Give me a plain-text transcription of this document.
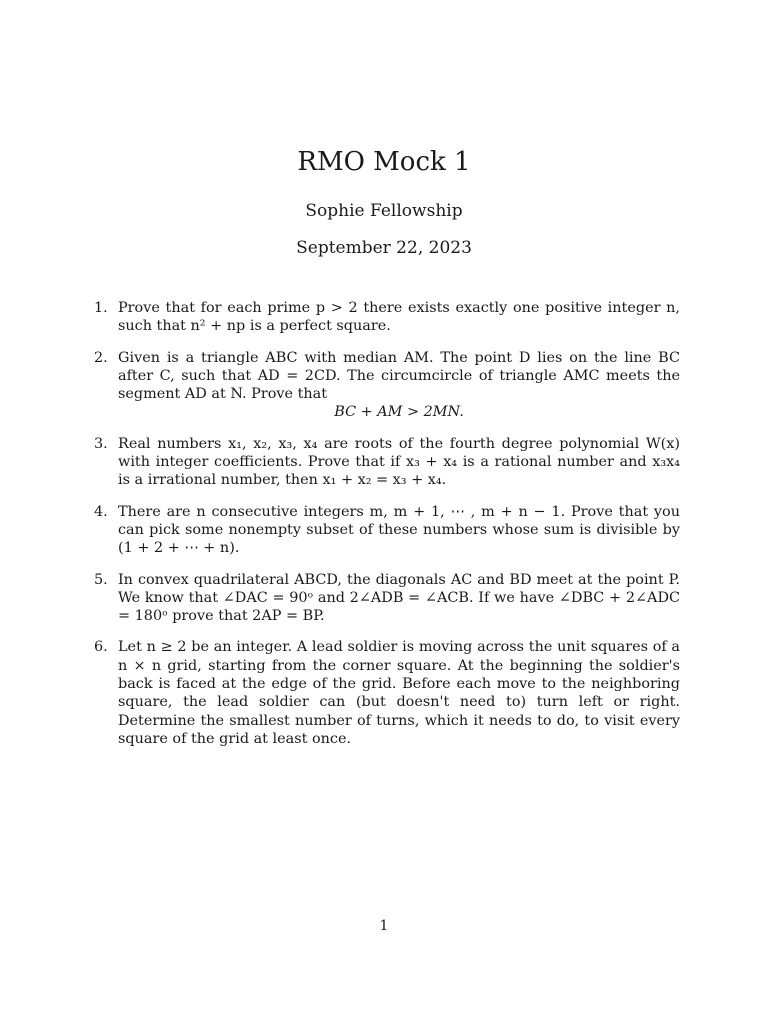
RMO Mock 1
Sophie Fellowship
September 22, 2023
1. Prove that for each prime p > 2 there exists exactly one positive integer n, such that n² + np is a perfect square.
2. Given is a triangle ABC with median AM. The point D lies on the line BC after C, such that AD = 2CD. The circumcircle of triangle AMC meets the segment AD at N. Prove that
BC + AM > 2MN.
3. Real numbers x₁, x₂, x₃, x₄ are roots of the fourth degree polynomial W(x) with integer coefficients. Prove that if x₃ + x₄ is a rational number and x₃x₄ is a irrational number, then x₁ + x₂ = x₃ + x₄.
4. There are n consecutive integers m, m + 1, ⋯ , m + n − 1. Prove that you can pick some nonempty subset of these numbers whose sum is divisible by (1 + 2 + ⋯ + n).
5. In convex quadrilateral ABCD, the diagonals AC and BD meet at the point P. We know that ∠DAC = 90ᵒ and 2∠ADB = ∠ACB. If we have ∠DBC + 2∠ADC = 180ᵒ prove that 2AP = BP.
6. Let n ≥ 2 be an integer. A lead soldier is moving across the unit squares of a n × n grid, starting from the corner square. At the beginning the soldier's back is faced at the edge of the grid. Before each move to the neighboring square, the lead soldier can (but doesn't need to) turn left or right. Determine the smallest number of turns, which it needs to do, to visit every square of the grid at least once.
1
